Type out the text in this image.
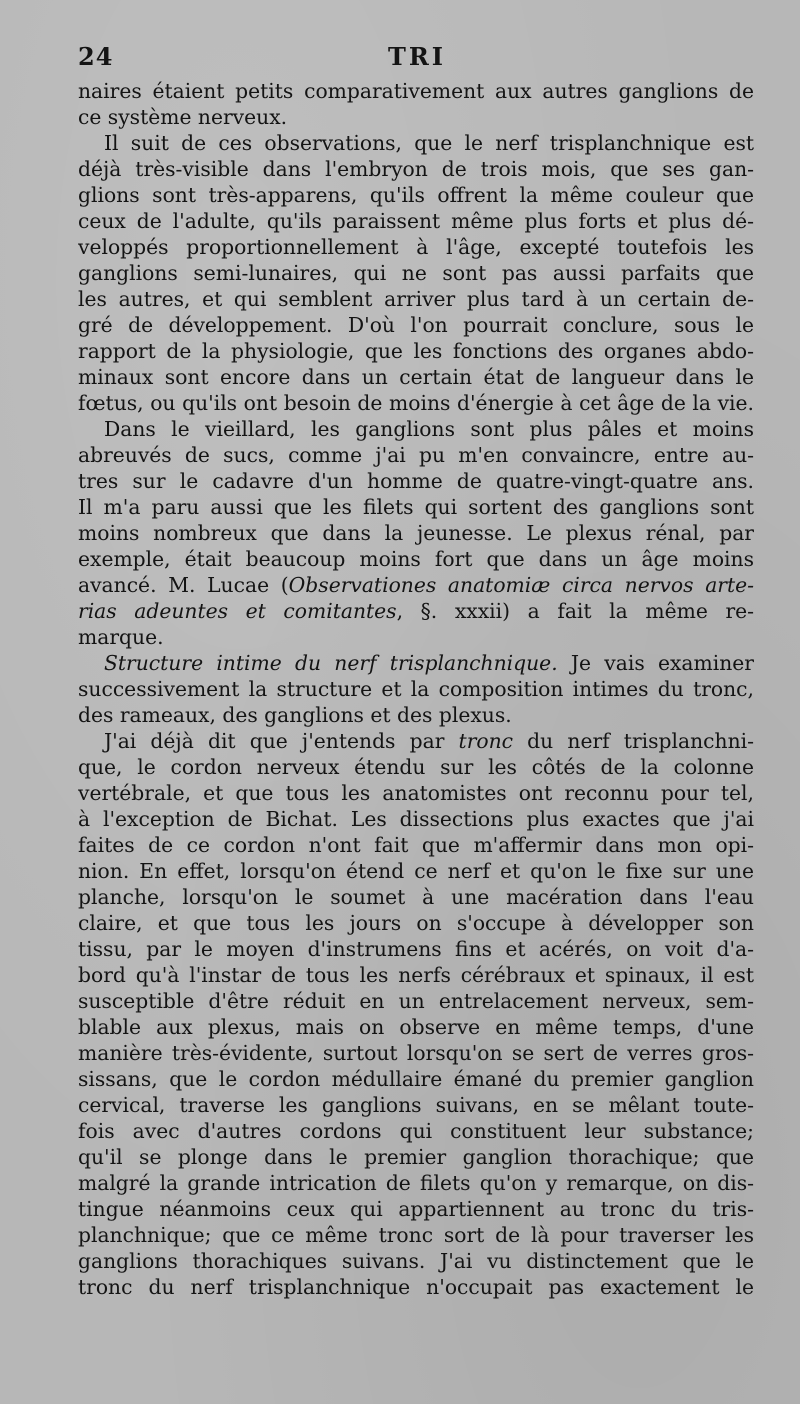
24	TRI
naires étaient petits comparativement aux autres ganglions de
ce système nerveux.
Il suit de ces observations, que le nerf trisplanchnique est
déjà très-visible dans l'embryon de trois mois, que ses gan-
glions sont très-apparens, qu'ils offrent la même couleur que
ceux de l'adulte, qu'ils paraissent même plus forts et plus dé-
veloppés proportionnellement à l'âge, excepté toutefois les
ganglions semi-lunaires, qui ne sont pas aussi parfaits que
les autres, et qui semblent arriver plus tard à un certain de-
gré de développement. D'où l'on pourrait conclure, sous le
rapport de la physiologie, que les fonctions des organes abdo-
minaux sont encore dans un certain état de langueur dans le
fœtus, ou qu'ils ont besoin de moins d'énergie à cet âge de la vie.
Dans le vieillard, les ganglions sont plus pâles et moins
abreuvés de sucs, comme j'ai pu m'en convaincre, entre au-
tres sur le cadavre d'un homme de quatre-vingt-quatre ans.
Il m'a paru aussi que les filets qui sortent des ganglions sont
moins nombreux que dans la jeunesse. Le plexus rénal, par
exemple, était beaucoup moins fort que dans un âge moins
avancé. M. Lucae (Observationes anatomiæ circa nervos arte-
rias adeuntes et comitantes, §. xxxii) a fait la même re-
marque.
Structure intime du nerf trisplanchnique. Je vais examiner
successivement la structure et la composition intimes du tronc,
des rameaux, des ganglions et des plexus.
J'ai déjà dit que j'entends par tronc du nerf trisplanchni-
que, le cordon nerveux étendu sur les côtés de la colonne
vertébrale, et que tous les anatomistes ont reconnu pour tel,
à l'exception de Bichat. Les dissections plus exactes que j'ai
faites de ce cordon n'ont fait que m'affermir dans mon opi-
nion. En effet, lorsqu'on étend ce nerf et qu'on le fixe sur une
planche, lorsqu'on le soumet à une macération dans l'eau
claire, et que tous les jours on s'occupe à développer son
tissu, par le moyen d'instrumens fins et acérés, on voit d'a-
bord qu'à l'instar de tous les nerfs cérébraux et spinaux, il est
susceptible d'être réduit en un entrelacement nerveux, sem-
blable aux plexus, mais on observe en même temps, d'une
manière très-évidente, surtout lorsqu'on se sert de verres gros-
sissans, que le cordon médullaire émané du premier ganglion
cervical, traverse les ganglions suivans, en se mêlant toute-
fois avec d'autres cordons qui constituent leur substance;
qu'il se plonge dans le premier ganglion thorachique; que
malgré la grande intrication de filets qu'on y remarque, on dis-
tingue néanmoins ceux qui appartiennent au tronc du tris-
planchnique; que ce même tronc sort de là pour traverser les
ganglions thorachiques suivans. J'ai vu distinctement que le
tronc du nerf trisplanchnique n'occupait pas exactement le
